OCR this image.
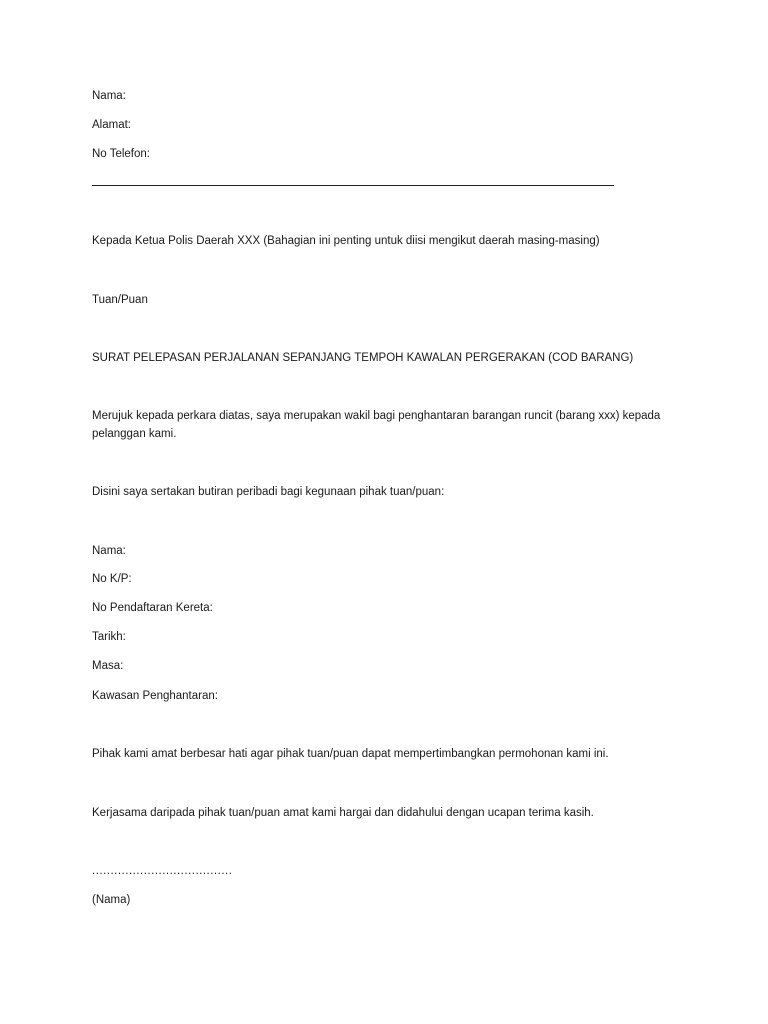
Nama:
Alamat:
No Telefon:
Kepada Ketua Polis Daerah XXX (Bahagian ini penting untuk diisi mengikut daerah masing-masing)
Tuan/Puan
SURAT PELEPASAN PERJALANAN SEPANJANG TEMPOH KAWALAN PERGERAKAN (COD BARANG)
Merujuk kepada perkara diatas, saya merupakan wakil bagi penghantaran barangan runcit (barang xxx) kepada
pelanggan kami.
Disini saya sertakan butiran peribadi bagi kegunaan pihak tuan/puan:
Nama:
No K/P:
No Pendaftaran Kereta:
Tarikh:
Masa:
Kawasan Penghantaran:
Pihak kami amat berbesar hati agar pihak tuan/puan dapat mempertimbangkan permohonan kami ini.
Kerjasama daripada pihak tuan/puan amat kami hargai dan didahului dengan ucapan terima kasih.
......................................
(Nama)
